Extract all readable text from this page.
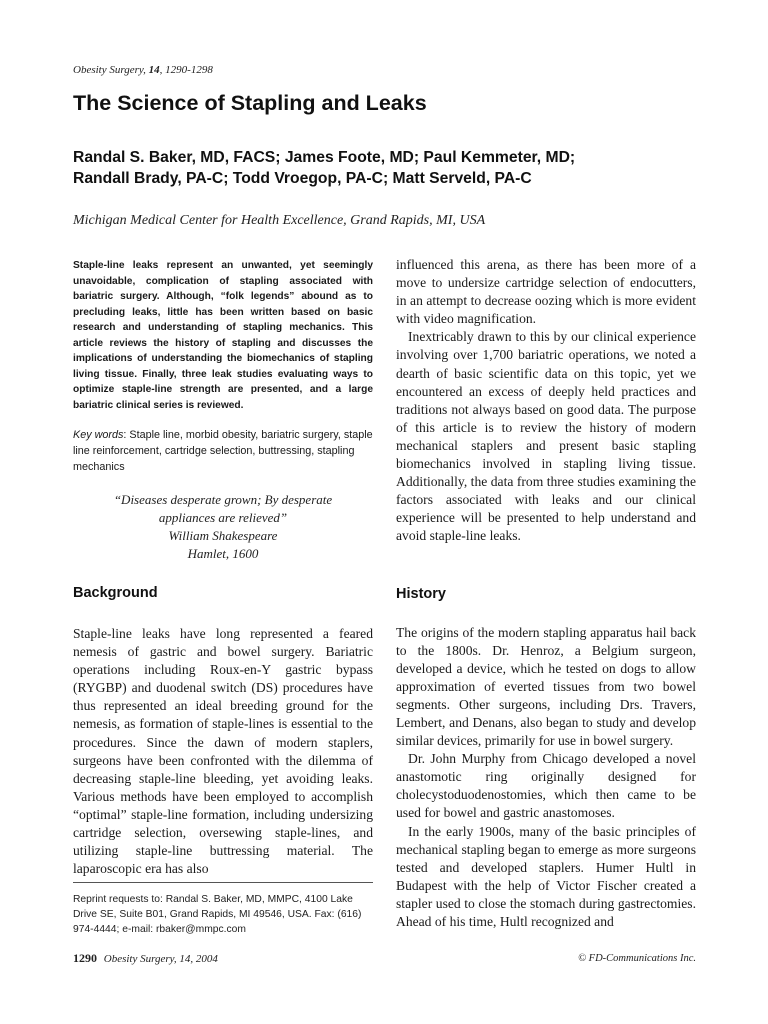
Obesity Surgery, 14, 1290-1298
The Science of Stapling and Leaks
Randal S. Baker, MD, FACS; James Foote, MD; Paul Kemmeter, MD;
Randall Brady, PA-C; Todd Vroegop, PA-C; Matt Serveld, PA-C
Michigan Medical Center for Health Excellence, Grand Rapids, MI, USA

Staple-line leaks represent an unwanted, yet seemingly unavoidable, complication of stapling associated with bariatric surgery. Although, “folk legends” abound as to precluding leaks, little has been written based on basic research and understanding of stapling mechanics. This article reviews the history of stapling and discusses the implications of understanding the biomechanics of stapling living tissue. Finally, three leak studies evaluating ways to optimize staple-line strength are presented, and a large bariatric clinical series is reviewed.

Key words: Staple line, morbid obesity, bariatric surgery, staple line reinforcement, cartridge selection, buttressing, stapling mechanics

“Diseases desperate grown; By desperate
appliances are relieved”
William Shakespeare
Hamlet, 1600
Background

Staple-line leaks have long represented a feared nemesis of gastric and bowel surgery. Bariatric operations including Roux-en-Y gastric bypass (RYGBP) and duodenal switch (DS) procedures have thus represented an ideal breeding ground for the nemesis, as formation of staple-lines is essential to the procedures. Since the dawn of modern staplers, surgeons have been confronted with the dilemma of decreasing staple-line bleeding, yet avoiding leaks. Various methods have been employed to accomplish “optimal” staple-line formation, including undersizing cartridge selection, oversewing staple-lines, and utilizing staple-line buttressing material. The laparoscopic era has also

influenced this arena, as there has been more of a move to undersize cartridge selection of endocutters, in an attempt to decrease oozing which is more evident with video magnification.

Inextricably drawn to this by our clinical experience involving over 1,700 bariatric operations, we noted a dearth of basic scientific data on this topic, yet we encountered an excess of deeply held practices and traditions not always based on good data. The purpose of this article is to review the history of modern mechanical staplers and present basic stapling biomechanics involved in stapling living tissue. Additionally, the data from three studies examining the factors associated with leaks and our clinical experience will be presented to help understand and avoid staple-line leaks.

History

The origins of the modern stapling apparatus hail back to the 1800s. Dr. Henroz, a Belgium surgeon, developed a device, which he tested on dogs to allow approximation of everted tissues from two bowel segments. Other surgeons, including Drs. Travers, Lembert, and Denans, also began to study and develop similar devices, primarily for use in bowel surgery.

Dr. John Murphy from Chicago developed a novel anastomotic ring originally designed for cholecystoduodenostomies, which then came to be used for bowel and gastric anastomoses.

In the early 1900s, many of the basic principles of mechanical stapling began to emerge as more surgeons tested and developed staplers. Humer Hultl in Budapest with the help of Victor Fischer created a stapler used to close the stomach during gastrectomies. Ahead of his time, Hultl recognized and

Reprint requests to: Randal S. Baker, MD, MMPC, 4100 Lake Drive SE, Suite B01, Grand Rapids, MI 49546, USA. Fax: (616) 974-4444; e-mail: rbaker@mmpc.com
1290 Obesity Surgery, 14, 2004	© FD-Communications Inc.
